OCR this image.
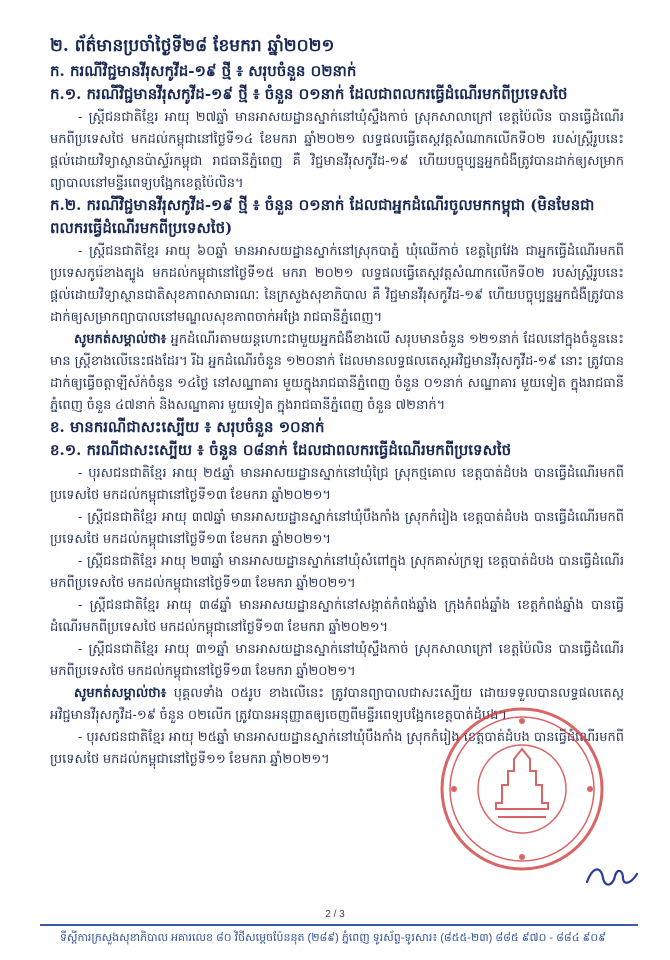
២. ព័ត៌មានប្រចាំថ្ងៃទី២៨ ខែមករា ឆ្នាំ២០២១
ក. ករណីវិជ្ជមានវីរុសកូវីដ-១៩ ថ្មី ៖ សរុបចំនួន ០២នាក់
ក.១. ករណីវិជ្ជមានវីរុសកូវីដ-១៩ ថ្មី ៖ ចំនួន ០១នាក់ ដែលជាពលករធ្វើដំណើរមកពីប្រទេសថៃ

- ស្ត្រីជនជាតិខ្មែរ អាយុ ២៧ឆ្នាំ មានអាសយដ្ឋានស្នាក់នៅឃុំស្ទឹងកាច់ ស្រុកសាលាក្រៅ ខេត្តប៉ៃលិន បានធ្វើដំណើរមកពីប្រទេសថៃ មកដល់កម្ពុជានៅថ្ងៃទី១៤ ខែមករា ឆ្នាំ២០២១ លទ្ធផលធ្វើតេស្តវត្តសំណាកលើកទី០២ របស់ស្ត្រីរូបនេះ ផ្តល់ដោយវិទ្យាស្ថានប៉ាស្ទ័រកម្ពុជា រាជធានីភ្នំពេញ គឺ វិជ្ជមានវីរុសកូវីដ-១៩ ហើយបច្ចុប្បន្នអ្នកជំងឺត្រូវបានដាក់ឲ្យសម្រាកព្យាបាលនៅមន្ទីរពេទ្យបង្អែកខេត្តប៉ៃលិន។

ក.២. ករណីវិជ្ជមានវីរុសកូវីដ-១៩ ថ្មី ៖ ចំនួន ០១នាក់ ដែលជាអ្នកដំណើរចូលមកកម្ពុជា (មិនមែនជាពលករធ្វើដំណើរមកពីប្រទេសថៃ)

- ស្ត្រីជនជាតិខ្មែរ អាយុ ៦០ឆ្នាំ មានអាសយដ្ឋានស្នាក់នៅស្រុកបាភ្នំ ឃុំឈើកាច់ ខេត្តព្រៃវែង ជាអ្នកធ្វើដំណើរមកពីប្រទេសកូរ៉េខាងត្បូង មកដល់កម្ពុជានៅថ្ងៃទី១៥ មករា ២០២១ លទ្ធផលធ្វើតេស្តវត្តសំណាកលើកទី០២ របស់ស្ត្រីរូបនេះ ផ្តល់ដោយវិទ្យាស្ថានជាតិសុខភាពសាធារណៈ នៃក្រសួងសុខាភិបាល គឺ វិជ្ជមានវីរុសកូវីដ-១៩ ហើយបច្ចុប្បន្នអ្នកជំងឺត្រូវបានដាក់ឲ្យសម្រាកព្យាបាលនៅមណ្ឌលសុខភាពចាក់អង្រែ រាជធានីភ្នំពេញ។

សូមកត់សម្គាល់ថា៖ អ្នកដំណើរតាមយន្តហោះជាមួយអ្នកជំងឺខាងលើ សរុបមានចំនួន ១២១នាក់ ដែលនៅក្នុងចំនួននេះមាន ស្ត្រីខាងលើនេះផងដែរ។ រីឯ អ្នកដំណើរចំនួន ១២០នាក់ ដែលមានលទ្ធផលតេស្តអវិជ្ជមានវីរុសកូវីដ-១៩ នោះ ត្រូវបានដាក់ឲ្យធ្វើចត្តាឡីស័ក់ចំនួន ១៤ថ្ងៃ នៅសណ្ឋាគារ មួយក្នុងរាជធានីភ្នំពេញ ចំនួន ០១នាក់ សណ្ឋាគារ មួយទៀត ក្នុងរាជធានីភ្នំពេញ ចំនួន ៤៧នាក់ និងសណ្ឋាគារ មួយទៀត ក្នុងរាជធានីភ្នំពេញ ចំនួន ៧២នាក់។

ខ. មានករណីជាសះស្បើយ ៖ សរុបចំនួន ១០នាក់
ខ.១. ករណីជាសះស្បើយ ៖ ចំនួន ០៨នាក់ ដែលជាពលករធ្វើដំណើរមកពីប្រទេសថៃ

- បុរសជនជាតិខ្មែរ អាយុ ២៥ឆ្នាំ មានអាសយដ្ឋានស្នាក់នៅឃុំជ្រៃ ស្រុកថ្មគោល ខេត្តបាត់ដំបង បានធ្វើដំណើរមកពីប្រទេសថៃ មកដល់កម្ពុជានៅថ្ងៃទី១៣ ខែមករា ឆ្នាំ២០២១។

- ស្ត្រីជនជាតិខ្មែរ អាយុ ៣៧ឆ្នាំ មានអាសយដ្ឋានស្នាក់នៅឃុំបឹងកាំង ស្រុកកំរៀង ខេត្តបាត់ដំបង បានធ្វើដំណើរមកពីប្រទេសថៃ មកដល់កម្ពុជានៅថ្ងៃទី១៣ ខែមករា ឆ្នាំ២០២១។

- ស្ត្រីជនជាតិខ្មែរ អាយុ ២៣ឆ្នាំ មានអាសយដ្ឋានស្នាក់នៅឃុំសំពៅក្នុង ស្រុកគាស់ក្រឡ ខេត្តបាត់ដំបង បានធ្វើដំណើរមកពីប្រទេសថៃ មកដល់កម្ពុជានៅថ្ងៃទី១៣ ខែមករា ឆ្នាំ២០២១។

- ស្ត្រីជនជាតិខ្មែរ អាយុ ៣៨ឆ្នាំ មានអាសយដ្ឋានស្នាក់នៅសង្កាត់កំពង់ឆ្នាំង ក្រុងកំពង់ឆ្នាំង ខេត្តកំពង់ឆ្នាំង បានធ្វើដំណើរមកពីប្រទេសថៃ មកដល់កម្ពុជានៅថ្ងៃទី១៣ ខែមករា ឆ្នាំ២០២១។

- ស្ត្រីជនជាតិខ្មែរ អាយុ ៣១ឆ្នាំ មានអាសយដ្ឋានស្នាក់នៅឃុំស្ទឹងកាច់ ស្រុកសាលាក្រៅ ខេត្តប៉ៃលិន បានធ្វើដំណើរមកពីប្រទេសថៃ មកដល់កម្ពុជានៅថ្ងៃទី១៣ ខែមករា ឆ្នាំ២០២១។

សូមកត់សម្គាល់ថា៖ បុគ្គលទាំង ០៥រូប ខាងលើនេះ ត្រូវបានព្យាបាលជាសះស្បើយ ដោយទទួលបានលទ្ធផលតេស្ត អវិជ្ជមានវីរុសកូវីដ-១៩ ចំនួន ០២លើក ត្រូវបានអនុញ្ញាតឲ្យចេញពីមន្ទីរពេទ្យបង្អែកខេត្តបាត់ដំបង។

- បុរសជនជាតិខ្មែរ អាយុ ២៥ឆ្នាំ មានអាសយដ្ឋានស្នាក់នៅឃុំបឹងកាំង ស្រុកកំរៀង ខេត្តបាត់ដំបង បានធ្វើដំណើរមកពីប្រទេសថៃ មកដល់កម្ពុជានៅថ្ងៃទី១១ ខែមករា ឆ្នាំ២០២១។

2 / 3
ទីស្តីការក្រសួងសុខាភិបាល អគារលេខ ៨០ វិថីសម្តេចប៉ែននុត (២៨៩) ភ្នំពេញ ទូរស័ព្ទ-ទូរសារ៖ (៨៥៥-២៣) ៨៨៥ ៩៧០ - ៨៨៤ ៩០៩
